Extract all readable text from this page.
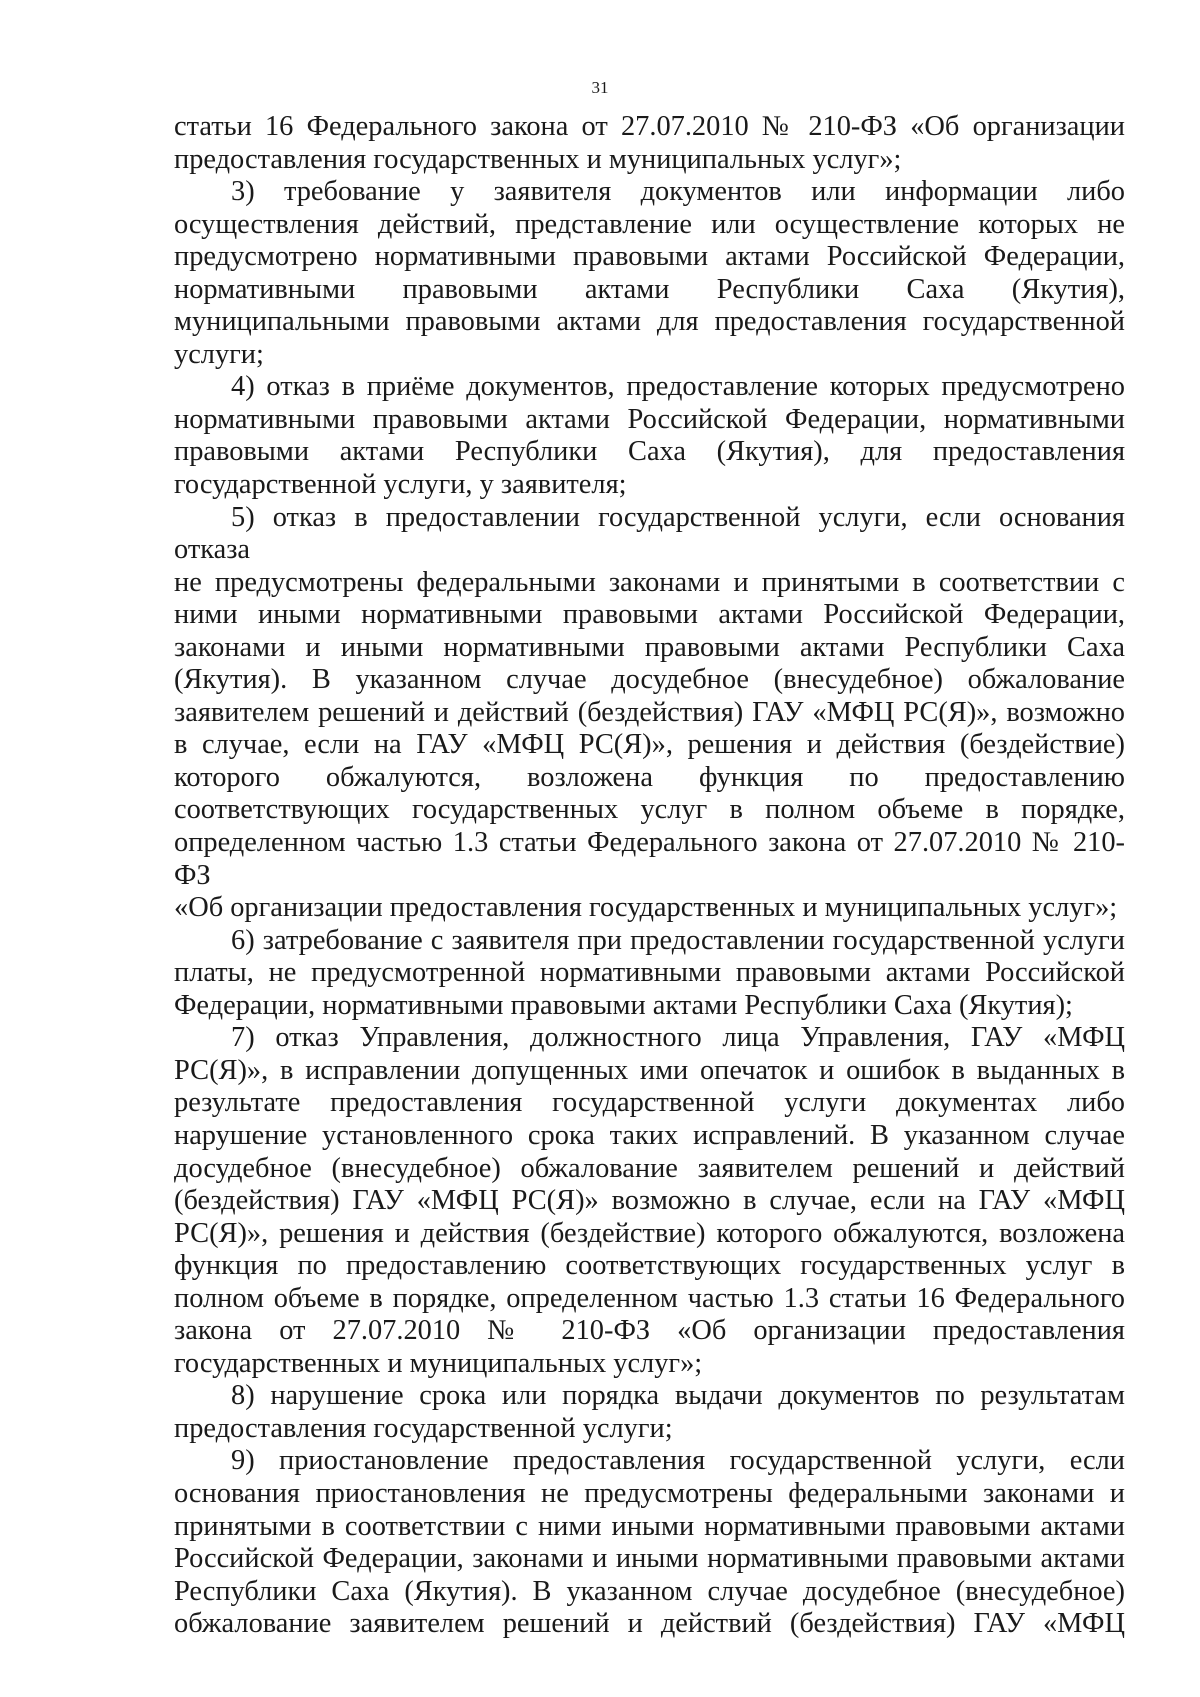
31
статьи 16 Федерального закона от 27.07.2010 № 210-ФЗ «Об организации
предоставления государственных и муниципальных услуг»;
3) требование у заявителя документов или информации либо
осуществления действий, представление или осуществление которых не
предусмотрено нормативными правовыми актами Российской Федерации,
нормативными правовыми актами Республики Саха (Якутия),
муниципальными правовыми актами для предоставления государственной
услуги;
4) отказ в приёме документов, предоставление которых предусмотрено
нормативными правовыми актами Российской Федерации, нормативными
правовыми актами Республики Саха (Якутия), для предоставления
государственной услуги, у заявителя;
5) отказ в предоставлении государственной услуги, если основания отказа
не предусмотрены федеральными законами и принятыми в соответствии с
ними иными нормативными правовыми актами Российской Федерации,
законами и иными нормативными правовыми актами Республики Саха
(Якутия). В указанном случае досудебное (внесудебное) обжалование
заявителем решений и действий (бездействия) ГАУ «МФЦ РС(Я)», возможно
в случае, если на ГАУ «МФЦ РС(Я)», решения и действия (бездействие)
которого обжалуются, возложена функция по предоставлению
соответствующих государственных услуг в полном объеме в порядке,
определенном частью 1.3 статьи Федерального закона от 27.07.2010 № 210-ФЗ
«Об организации предоставления государственных и муниципальных услуг»;
6) затребование с заявителя при предоставлении государственной услуги
платы, не предусмотренной нормативными правовыми актами Российской
Федерации, нормативными правовыми актами Республики Саха (Якутия);
7) отказ Управления, должностного лица Управления, ГАУ «МФЦ
РС(Я)», в исправлении допущенных ими опечаток и ошибок в выданных в
результате предоставления государственной услуги документах либо
нарушение установленного срока таких исправлений. В указанном случае
досудебное (внесудебное) обжалование заявителем решений и действий
(бездействия) ГАУ «МФЦ РС(Я)» возможно в случае, если на ГАУ «МФЦ
РС(Я)», решения и действия (бездействие) которого обжалуются, возложена
функция по предоставлению соответствующих государственных услуг в
полном объеме в порядке, определенном частью 1.3 статьи 16 Федерального
закона от 27.07.2010 № 210-ФЗ «Об организации предоставления
государственных и муниципальных услуг»;
8) нарушение срока или порядка выдачи документов по результатам
предоставления государственной услуги;
9) приостановление предоставления государственной услуги, если
основания приостановления не предусмотрены федеральными законами и
принятыми в соответствии с ними иными нормативными правовыми актами
Российской Федерации, законами и иными нормативными правовыми актами
Республики Саха (Якутия). В указанном случае досудебное (внесудебное)
обжалование заявителем решений и действий (бездействия) ГАУ «МФЦ
